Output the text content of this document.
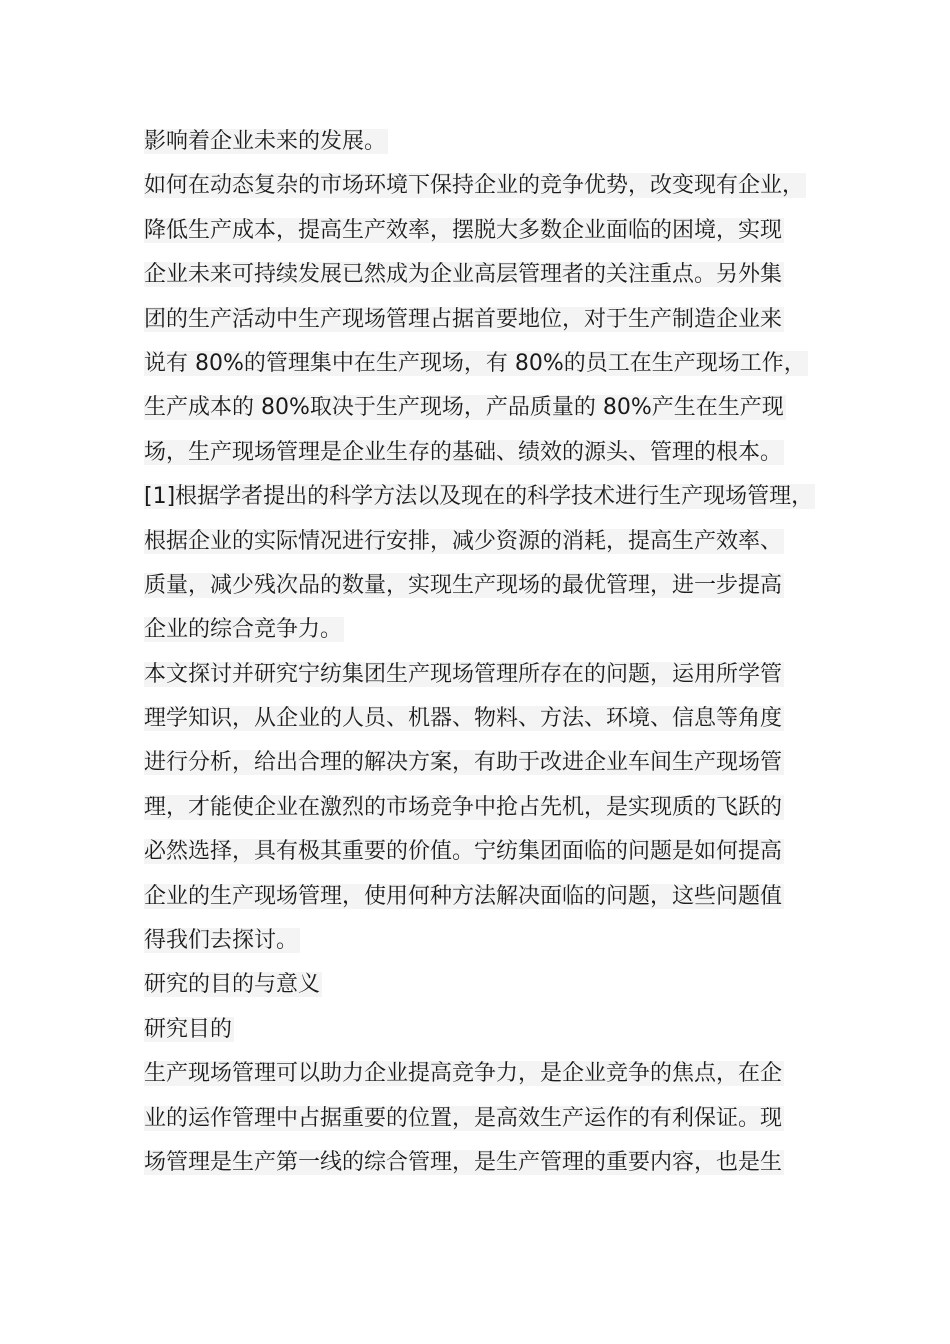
影响着企业未来的发展。
如何在动态复杂的市场环境下保持企业的竞争优势，改变现有企业，
降低生产成本，提高生产效率，摆脱大多数企业面临的困境，实现
企业未来可持续发展已然成为企业高层管理者的关注重点。另外集
团的生产活动中生产现场管理占据首要地位，对于生产制造企业来
说有 80%的管理集中在生产现场，有 80%的员工在生产现场工作，
生产成本的 80%取决于生产现场，产品质量的 80%产生在生产现
场，生产现场管理是企业生存的基础、绩效的源头、管理的根本。
[1]根据学者提出的科学方法以及现在的科学技术进行生产现场管理，
根据企业的实际情况进行安排，减少资源的消耗，提高生产效率、
质量，减少残次品的数量，实现生产现场的最优管理，进一步提高
企业的综合竞争力。
本文探讨并研究宁纺集团生产现场管理所存在的问题，运用所学管
理学知识，从企业的人员、机器、物料、方法、环境、信息等角度
进行分析，给出合理的解决方案，有助于改进企业车间生产现场管
理，才能使企业在激烈的市场竞争中抢占先机，是实现质的飞跃的
必然选择，具有极其重要的价值。宁纺集团面临的问题是如何提高
企业的生产现场管理，使用何种方法解决面临的问题，这些问题值
得我们去探讨。
研究的目的与意义
研究目的
生产现场管理可以助力企业提高竞争力，是企业竞争的焦点，在企
业的运作管理中占据重要的位置，是高效生产运作的有利保证。现
场管理是生产第一线的综合管理，是生产管理的重要内容，也是生
